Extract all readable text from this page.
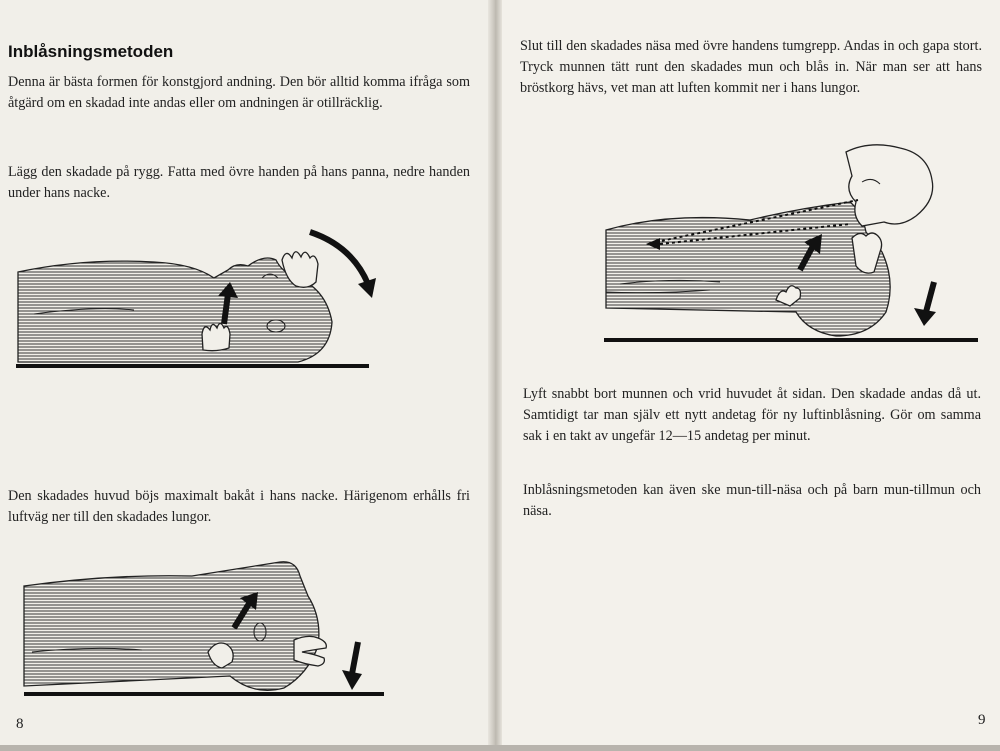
Inblåsningsmetoden
Denna är bästa formen för konstgjord andning. Den bör alltid komma ifråga som åtgärd om en skadad inte andas eller om andningen är otillräcklig.
Lägg den skadade på rygg. Fatta med övre handen på hans panna, nedre handen under hans nacke.
Den skadades huvud böjs maximalt bakåt i hans nacke. Härigenom erhålls fri luftväg ner till den skadades lungor.
8	9
Slut till den skadades näsa med övre handens tumgrepp. Andas in och gapa stort. Tryck munnen tätt runt den skadades mun och blås in. När man ser att hans bröstkorg hävs, vet man att luften kommit ner i hans lungor.
Lyft snabbt bort munnen och vrid huvudet åt sidan. Den skadade andas då ut. Samtidigt tar man själv ett nytt andetag för ny luftinblåsning. Gör om samma sak i en takt av ungefär 12—15 andetag per minut.
Inblåsningsmetoden kan även ske mun-till-näsa och på barn mun-tillmun och näsa.
